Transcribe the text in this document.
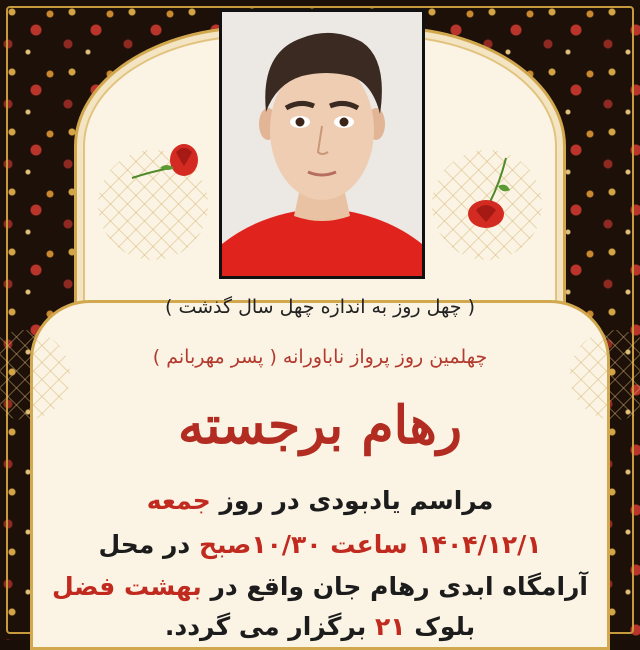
( چهل روز به اندازه چهل سال گذشت )
چهلمین روز پرواز ناباورانه ( پسر مهربانم )
رهام برجسته
مراسم یادبودی در روز جمعه
۱۴۰۴/۱۲/۱ ساعت ۱۰/۳۰صبح در محل
آرامگاه ابدی رهام جان واقع در بهشت فضل
بلوک ۲۱ برگزار می گردد.
